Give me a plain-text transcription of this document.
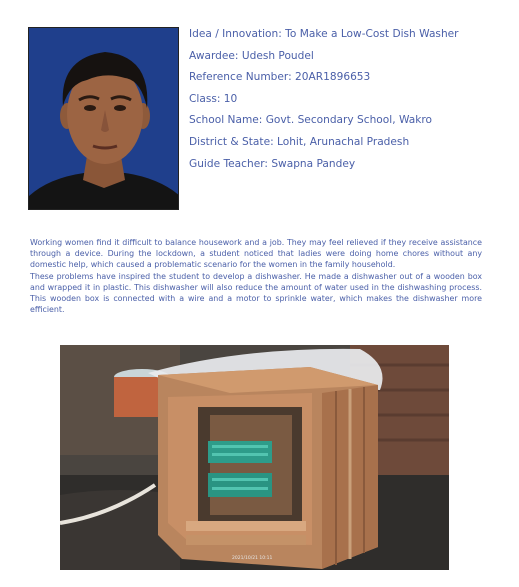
Idea / Innovation: To Make a Low-Cost Dish Washer
Awardee: Udesh Poudel
Reference Number: 20AR1896653
Class: 10
School Name: Govt. Secondary School, Wakro
District & State: Lohit, Arunachal Pradesh
Guide Teacher: Swapna Pandey

Working women find it difficult to balance housework and a job. They may feel relieved if they receive assistance through a device. During the lockdown, a student noticed that ladies were doing home chores without any domestic help, which caused a problematic scenario for the women in the family household.

These problems have inspired the student to develop a dishwasher. He made a dishwasher out of a wooden box and wrapped it in plastic. This dishwasher will also reduce the amount of water used in the dishwashing process. This wooden box is connected with a wire and a motor to sprinkle water, which makes the dishwasher more efficient.

2021/10/21 10:11
